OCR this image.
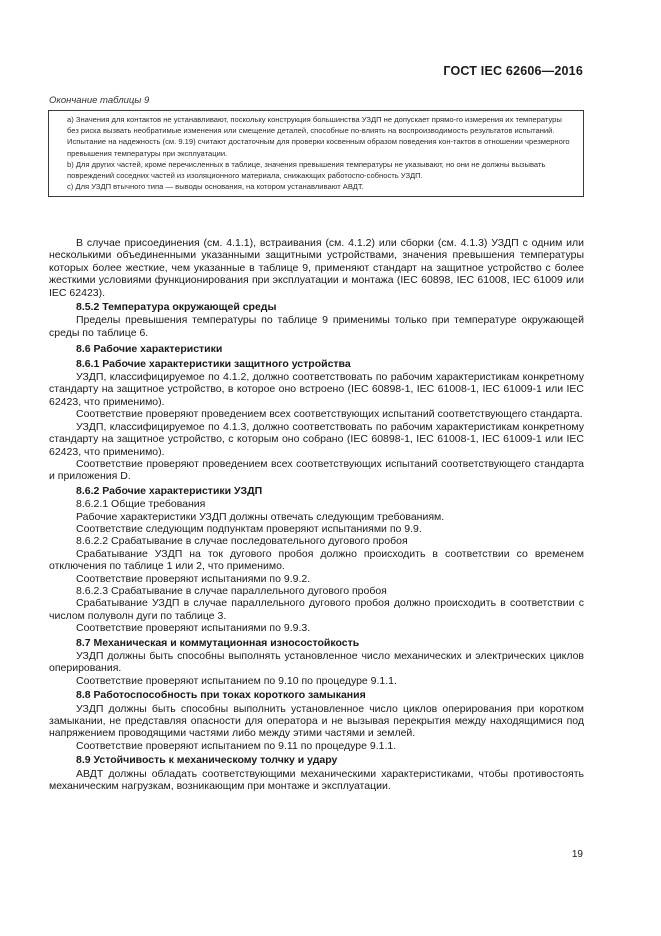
ГОСТ IEC 62606—2016
Окончание таблицы 9

а) Значения для контактов не устанавливают, поскольку конструкция большинства УЗДП не допускает прямо-го измерения их температуры без риска вызвать необратимые изменения или смещение деталей, способные по-влиять на воспроизводимость результатов испытаний.

Испытание на надежность (см. 9.19) считают достаточным для проверки косвенным образом поведения кон-тактов в отношении чрезмерного превышения температуры при эксплуатации.

b) Для других частей, кроме перечисленных в таблице, значения превышения температуры не указывают, но они не должны вызывать повреждений соседних частей из изоляционного материала, снижающих работоспо-собность УЗДП.

с) Для УЗДП втычного типа — выводы основания, на котором устанавливают АВДТ.

В случае присоединения (см. 4.1.1), встраивания (см. 4.1.2) или сборки (см. 4.1.3) УЗДП с одним или несколькими объединенными указанными защитными устройствами, значения превышения температуры которых более жесткие, чем указанные в таблице 9, применяют стандарт на защитное устройство с более жесткими условиями функционирования при эксплуатации и монтажа (IEC 60898, IEC 61008, IEC 61009 или IEC 62423).

8.5.2 Температура окружающей среды

Пределы превышения температуры по таблице 9 применимы только при температуре окружающей среды по таблице 6.

8.6 Рабочие характеристики

8.6.1 Рабочие характеристики защитного устройства

УЗДП, классифицируемое по 4.1.2, должно соответствовать по рабочим характеристикам конкретному стандарту на защитное устройство, в которое оно встроено (IEC 60898-1, IEC 61008-1, IEC 61009-1 или IEC 62423, что применимо).

Соответствие проверяют проведением всех соответствующих испытаний соответствующего стандарта.

УЗДП, классифицируемое по 4.1.3, должно соответствовать по рабочим характеристикам конкретному стандарту на защитное устройство, с которым оно собрано (IEC 60898-1, IEC 61008-1, IEC 61009-1 или IEC 62423, что применимо).

Соответствие проверяют проведением всех соответствующих испытаний соответствующего стандарта и приложения D.

8.6.2 Рабочие характеристики УЗДП

8.6.2.1 Общие требования

Рабочие характеристики УЗДП должны отвечать следующим требованиям.

Соответствие следующим подпунктам проверяют испытаниями по 9.9.

8.6.2.2 Срабатывание в случае последовательного дугового пробоя

Срабатывание УЗДП на ток дугового пробоя должно происходить в соответствии со временем отключения по таблице 1 или 2, что применимо.

Соответствие проверяют испытаниями по 9.9.2.

8.6.2.3 Срабатывание в случае параллельного дугового пробоя

Срабатывание УЗДП в случае параллельного дугового пробоя должно происходить в соответствии с числом полуволн дуги по таблице 3.

Соответствие проверяют испытаниями по 9.9.3.

8.7 Механическая и коммутационная износостойкость

УЗДП должны быть способны выполнять установленное число механических и электрических циклов оперирования.

Соответствие проверяют испытанием по 9.10 по процедуре 9.1.1.

8.8 Работоспособность при токах короткого замыкания

УЗДП должны быть способны выполнить установленное число циклов оперирования при коротком замыкании, не представляя опасности для оператора и не вызывая перекрытия между находящимися под напряжением проводящими частями либо между этими частями и землей.

Соответствие проверяют испытанием по 9.11 по процедуре 9.1.1.

8.9 Устойчивость к механическому толчку и удару

АВДТ должны обладать соответствующими механическими характеристиками, чтобы противостоять механическим нагрузкам, возникающим при монтаже и эксплуатации.

19
